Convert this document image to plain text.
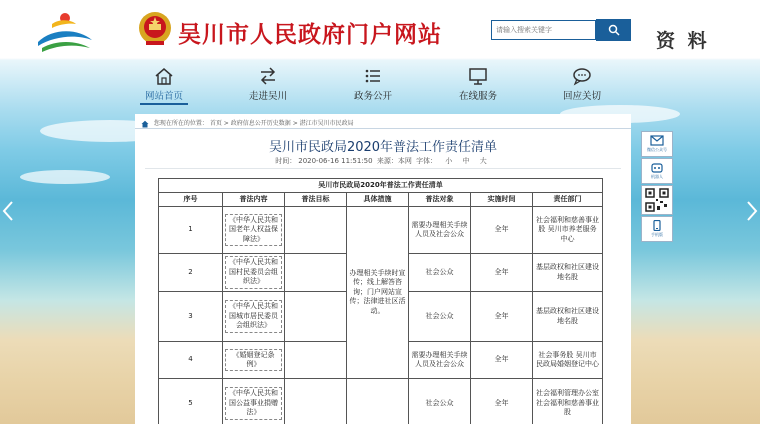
吴川市人民政府门户网站
请输入搜索关键字	资 料
网站首页	走进吴川	政务公开	在线服务	回应关切
您现在所在的位置： 首页 > 政府信息公开历史数据 > 湛江市吴川市民政局
吴川市民政局2020年普法工作责任清单
时间： 2020-06-16 11:51:50 来源：本网 字体： 小 中 大
吴川市民政局2020年普法工作责任清单						
序号	普法内容	普法目标	具体措施	普法对象	实施时间	责任部门
1	《中华人民共和国老年人权益保障法》		办理相关手续时宣传；线上解答咨询；门户网站宣传；法律进社区活动。	需要办理相关手续人员及社会公众	全年	社会福利和慈善事业股 吴川市养老服务中心
2	《中华人民共和国村民委员会组织法》			社会公众	全年	基层政权和社区建设地名股
3	《中华人民共和国城市居民委员会组织法》			社会公众	全年	基层政权和社区建设地名股
4	《婚姻登记条例》			需要办理相关手续人员及社会公众	全年	社会事务股 吴川市民政局婚姻登记中心
5	《中华人民共和国公益事业捐赠法》			社会公众	全年	社会福利管理办公室 社会福利和慈善事业股
微信公众号
机器人
手机版
